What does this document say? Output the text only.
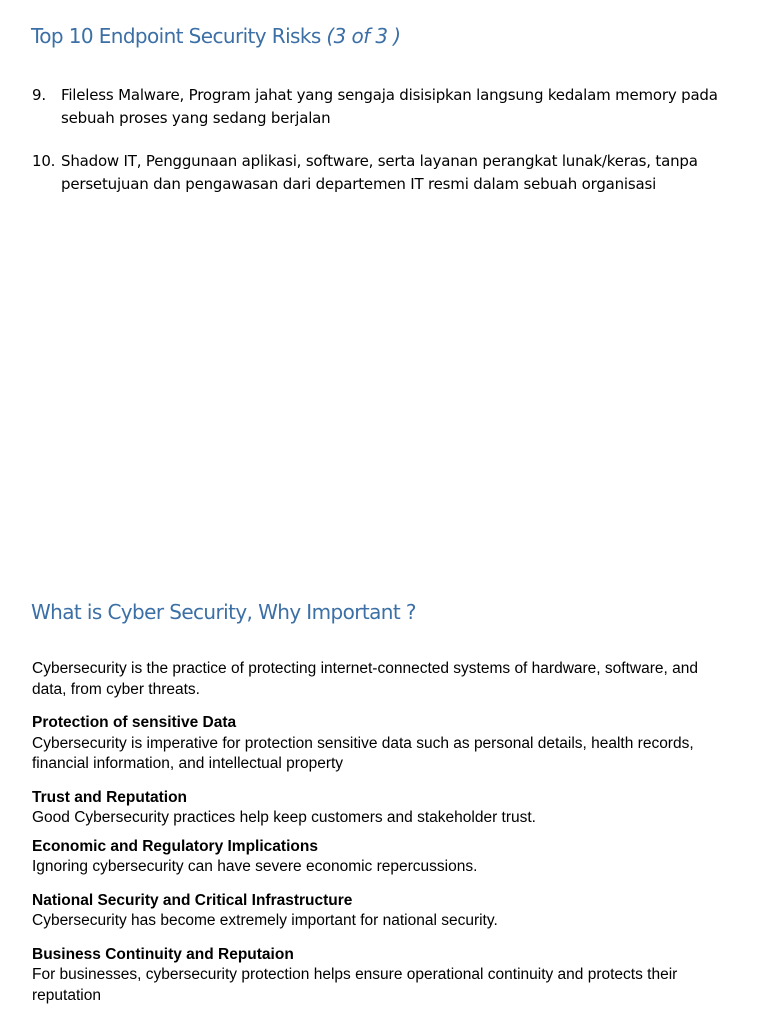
Top 10 Endpoint Security Risks (3 of 3 )
9.	Fileless Malware, Program jahat yang sengaja disisipkan langsung kedalam memory pada sebuah proses yang sedang berjalan
10. Shadow IT, Penggunaan aplikasi, software, serta layanan perangkat lunak/keras, tanpa persetujuan dan pengawasan dari departemen IT resmi dalam sebuah organisasi
What is Cyber Security, Why Important ?

Cybersecurity is the practice of protecting internet-connected systems of hardware, software, and data, from cyber threats.

Protection of sensitive Data
Cybersecurity is imperative for protection sensitive data such as personal details, health records, financial information, and intellectual property
Trust and Reputation
Good Cybersecurity practices help keep customers and stakeholder trust.
Economic and Regulatory Implications
Ignoring cybersecurity can have severe economic repercussions.
National Security and Critical Infrastructure
Cybersecurity has become extremely important for national security.
Business Continuity and Reputaion
For businesses, cybersecurity protection helps ensure operational continuity and protects their reputation
